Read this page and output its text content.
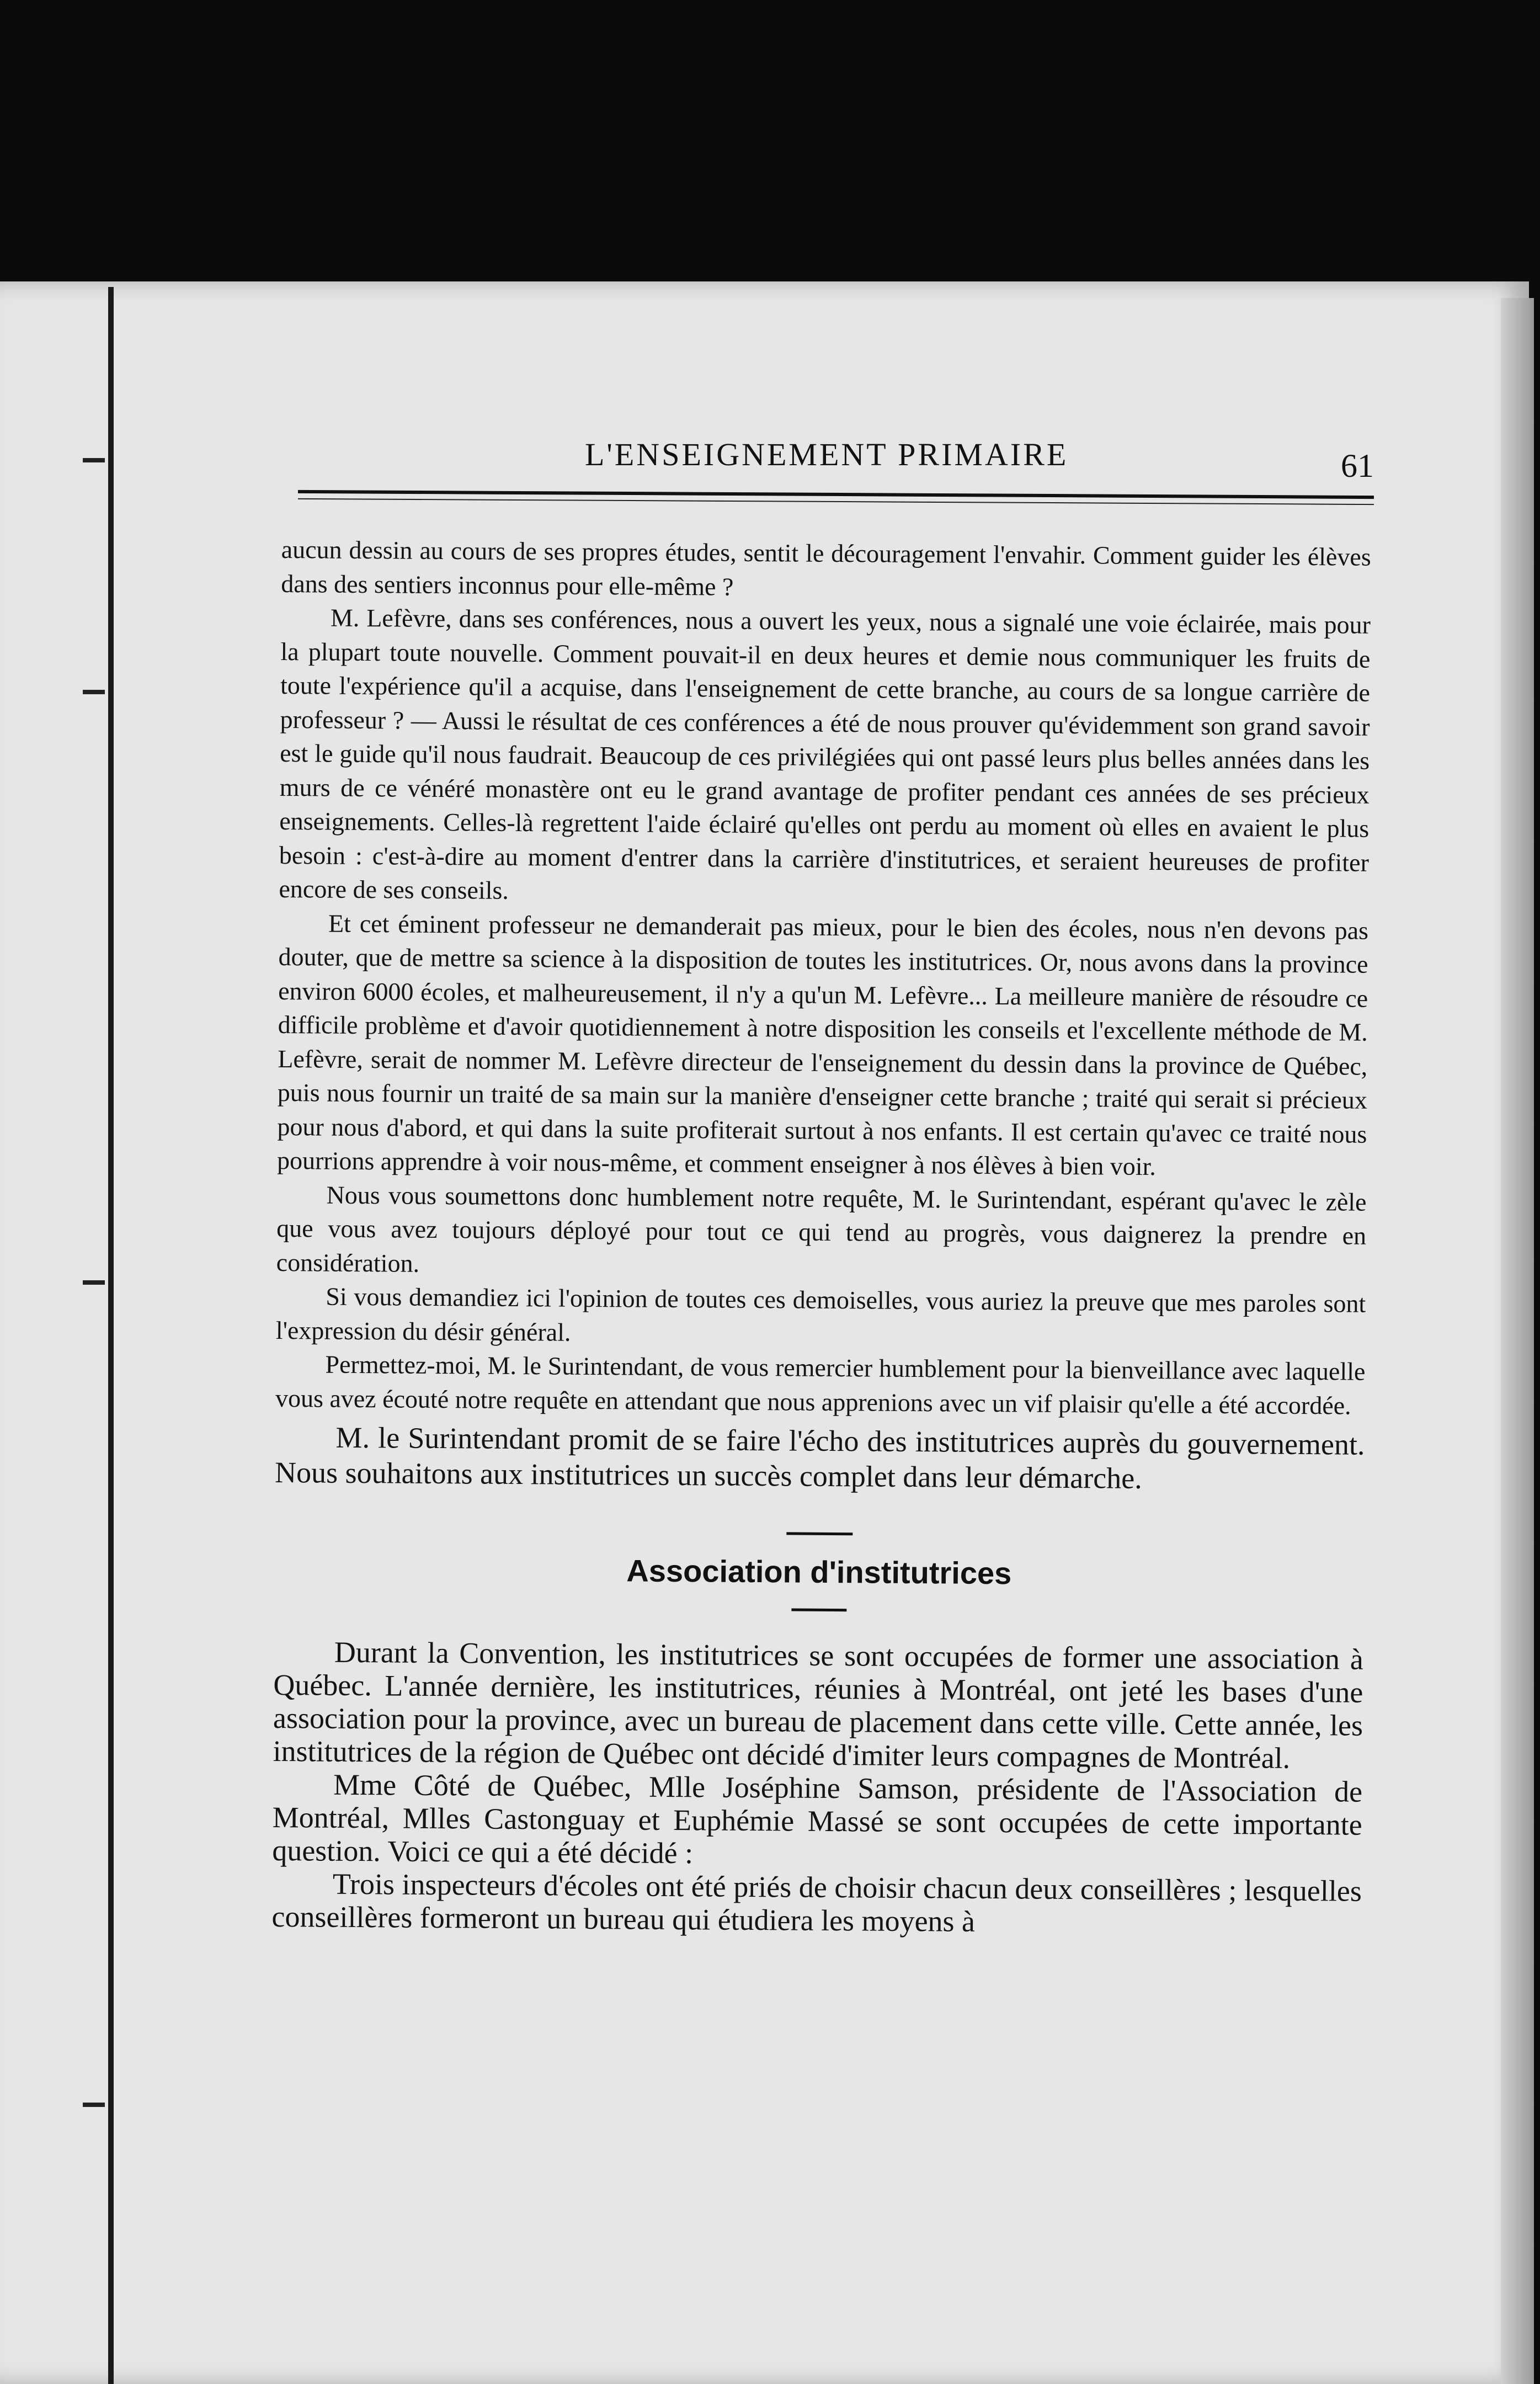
L'ENSEIGNEMENT PRIMAIRE	61

aucun dessin au cours de ses propres études, sentit le découragement l'envahir. Comment guider les élèves dans des sentiers inconnus pour elle-même ?

M. Lefèvre, dans ses conférences, nous a ouvert les yeux, nous a signalé une voie éclairée, mais pour la plupart toute nouvelle. Comment pouvait-il en deux heures et demie nous communiquer les fruits de toute l'expérience qu'il a acquise, dans l'enseignement de cette branche, au cours de sa longue carrière de professeur ? — Aussi le résultat de ces conférences a été de nous prouver qu'évidemment son grand savoir est le guide qu'il nous faudrait. Beaucoup de ces privilégiées qui ont passé leurs plus belles années dans les murs de ce vénéré monastère ont eu le grand avantage de profiter pendant ces années de ses précieux enseignements. Celles-là regrettent l'aide éclairé qu'elles ont perdu au moment où elles en avaient le plus besoin : c'est-à-dire au moment d'entrer dans la carrière d'institutrices, et seraient heureuses de profiter encore de ses conseils.

Et cet éminent professeur ne demanderait pas mieux, pour le bien des écoles, nous n'en devons pas douter, que de mettre sa science à la disposition de toutes les institutrices. Or, nous avons dans la province environ 6000 écoles, et malheureusement, il n'y a qu'un M. Lefèvre... La meilleure manière de résoudre ce difficile problème et d'avoir quotidiennement à notre disposition les conseils et l'excellente méthode de M. Lefèvre, serait de nommer M. Lefèvre directeur de l'enseignement du dessin dans la province de Québec, puis nous fournir un traité de sa main sur la manière d'enseigner cette branche ; traité qui serait si précieux pour nous d'abord, et qui dans la suite profiterait surtout à nos enfants. Il est certain qu'avec ce traité nous pourrions apprendre à voir nous-même, et comment enseigner à nos élèves à bien voir.

Nous vous soumettons donc humblement notre requête, M. le Surintendant, espérant qu'avec le zèle que vous avez toujours déployé pour tout ce qui tend au progrès, vous daignerez la prendre en considération.

Si vous demandiez ici l'opinion de toutes ces demoiselles, vous auriez la preuve que mes paroles sont l'expression du désir général.

Permettez-moi, M. le Surintendant, de vous remercier humblement pour la bienveillance avec laquelle vous avez écouté notre requête en attendant que nous apprenions avec un vif plaisir qu'elle a été accordée.

M. le Surintendant promit de se faire l'écho des institutrices auprès du gouvernement. Nous souhaitons aux institutrices un succès complet dans leur démarche.

Association d'institutrices

Durant la Convention, les institutrices se sont occupées de former une association à Québec. L'année dernière, les institutrices, réunies à Montréal, ont jeté les bases d'une association pour la province, avec un bureau de placement dans cette ville. Cette année, les institutrices de la région de Québec ont décidé d'imiter leurs compagnes de Montréal.

Mme Côté de Québec, Mlle Joséphine Samson, présidente de l'Association de Montréal, Mlles Castonguay et Euphémie Massé se sont occupées de cette importante question. Voici ce qui a été décidé :

Trois inspecteurs d'écoles ont été priés de choisir chacun deux conseillères ; lesquelles conseillères formeront un bureau qui étudiera les moyens à
